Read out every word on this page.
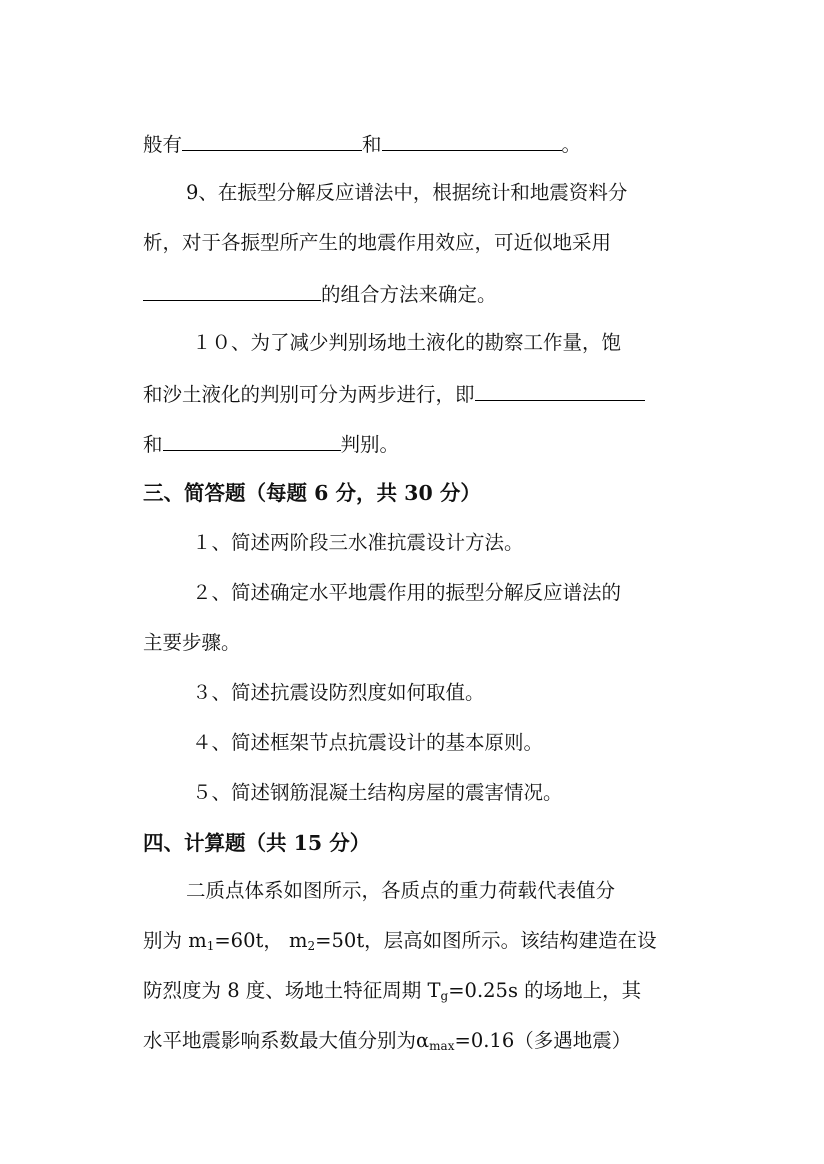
般有	和	。
9、在振型分解反应谱法中，根据统计和地震资料分
析，对于各振型所产生的地震作用效应，可近似地采用
的组合方法来确定。
１０、为了减少判别场地土液化的勘察工作量，饱
和沙土液化的判别可分为两步进行，即
和	判别。
三、简答题（每题 6 分，共 30 分）
１、简述两阶段三水准抗震设计方法。
２、简述确定水平地震作用的振型分解反应谱法的
主要步骤。
３、简述抗震设防烈度如何取值。
４、简述框架节点抗震设计的基本原则。
５、简述钢筋混凝土结构房屋的震害情况。
四、计算题（共 15 分）
二质点体系如图所示，各质点的重力荷载代表值分
别为 $m_1=60t$， $m_2=50t$，层高如图所示。该结构建造在设
防烈度为 8 度、场地土特征周期 $T_g=0.25s$ 的场地上，其
水平地震影响系数最大值分别为$\alpha_{max}=0.16$（多遇地震）
